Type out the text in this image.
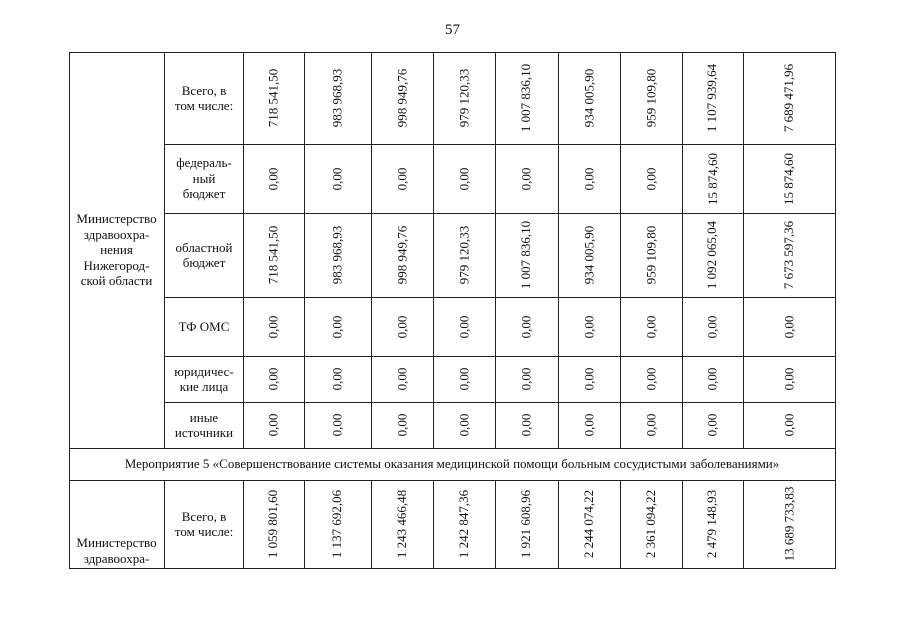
57
Министерство
здравоохра-
нения
Нижегород-
ской области
Всего, в
том числе: 718 541,50	983 968,93	998 949,76	979 120,33	1 007 836,10	934 005,90	959 109,80	1 107 939,64	7 689 471,96
федераль-
ный
бюджет
0,00	0,00	0,00	0,00	0,00	0,00	0,00	15 874,60	15 874,60
областной
бюджет	718 541,50	983 968,93	998 949,76	979 120,33	1 007 836,10	934 005,90	959 109,80	1 092 065,04	7 673 597,36
ТФ ОМС	0,00	0,00	0,00	0,00	0,00	0,00	0,00	0,00	0,00
юридичес-
кие лица	0,00	0,00	0,00	0,00	0,00	0,00	0,00	0,00	0,00
иные
источники 0,00	0,00	0,00	0,00	0,00	0,00	0,00	0,00	0,00
Мероприятие 5 «Совершенствование системы оказания медицинской помощи больным сосудистыми заболеваниями»
Министерство
здравоохра-
Всего, в
том числе: 1 059 801,60	1 137 692,06	1 243 466,48	1 242 847,36	1 921 608,96	2 244 074,22	2 361 094,22	2 479 148,93	13 689 733,83
